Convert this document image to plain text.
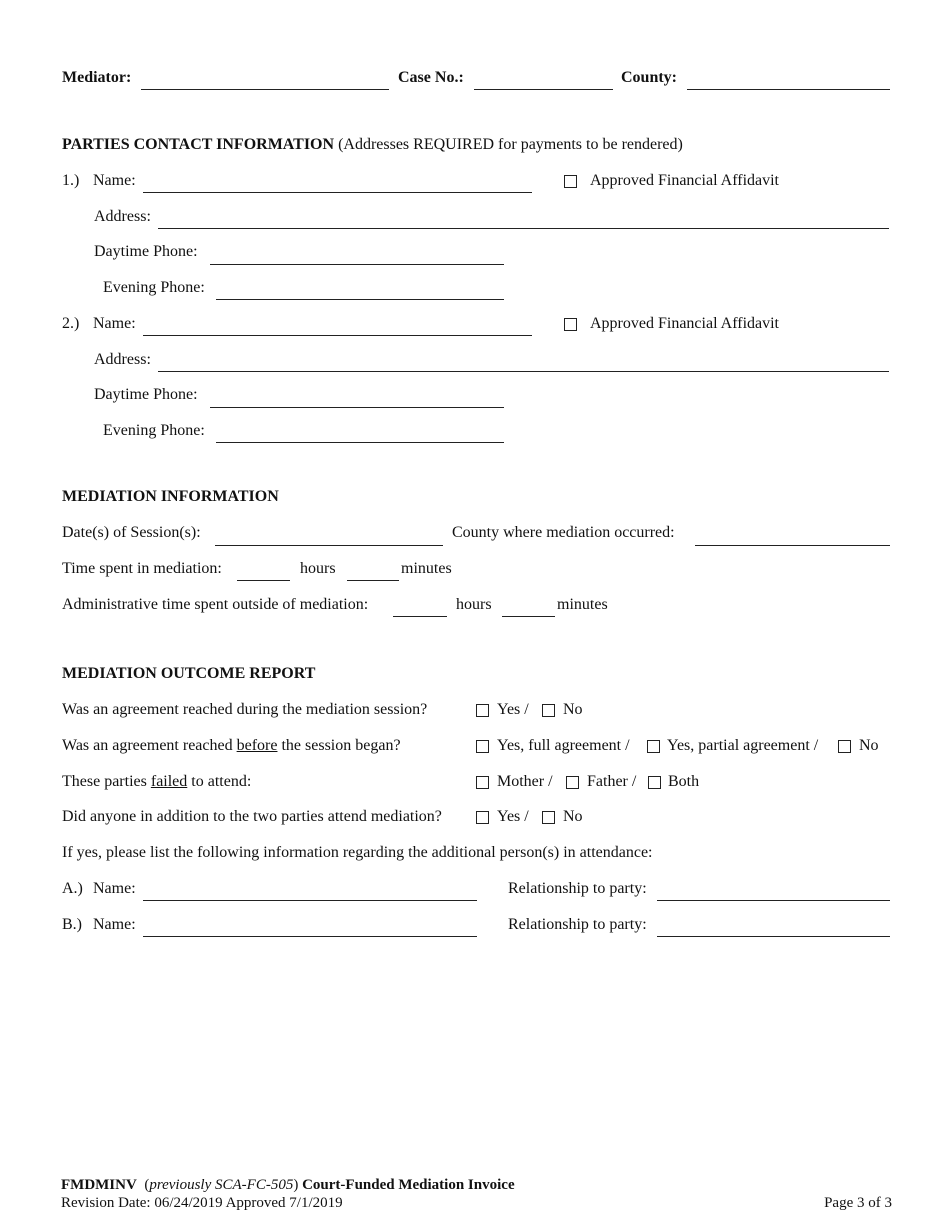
Mediator:	Case No.:	County:
PARTIES CONTACT INFORMATION (Addresses REQUIRED for payments to be rendered)
1.) Name:	Approved Financial Affidavit
Address:
Daytime Phone:
Evening Phone:
2.) Name:	Approved Financial Affidavit
Address:
Daytime Phone:
Evening Phone:
MEDIATION INFORMATION
Date(s) of Session(s):	County where mediation occurred:
Time spent in mediation:	hours	minutes
Administrative time spent outside of mediation:	hours	minutes
MEDIATION OUTCOME REPORT
Was an agreement reached during the mediation session?	Yes / No
Was an agreement reached before the session began?	Yes, full agreement / Yes, partial agreement /	No
These parties failed to attend:	Mother / Father / Both
Did anyone in addition to the two parties attend mediation?	Yes / No
If yes, please list the following information regarding the additional person(s) in attendance:
A.) Name:	Relationship to party:
B.) Name:	Relationship to party:
FMDMINV (previously SCA-FC-505) Court-Funded Mediation Invoice
Revision Date: 06/24/2019 Approved 7/1/2019	Page 3 of 3
